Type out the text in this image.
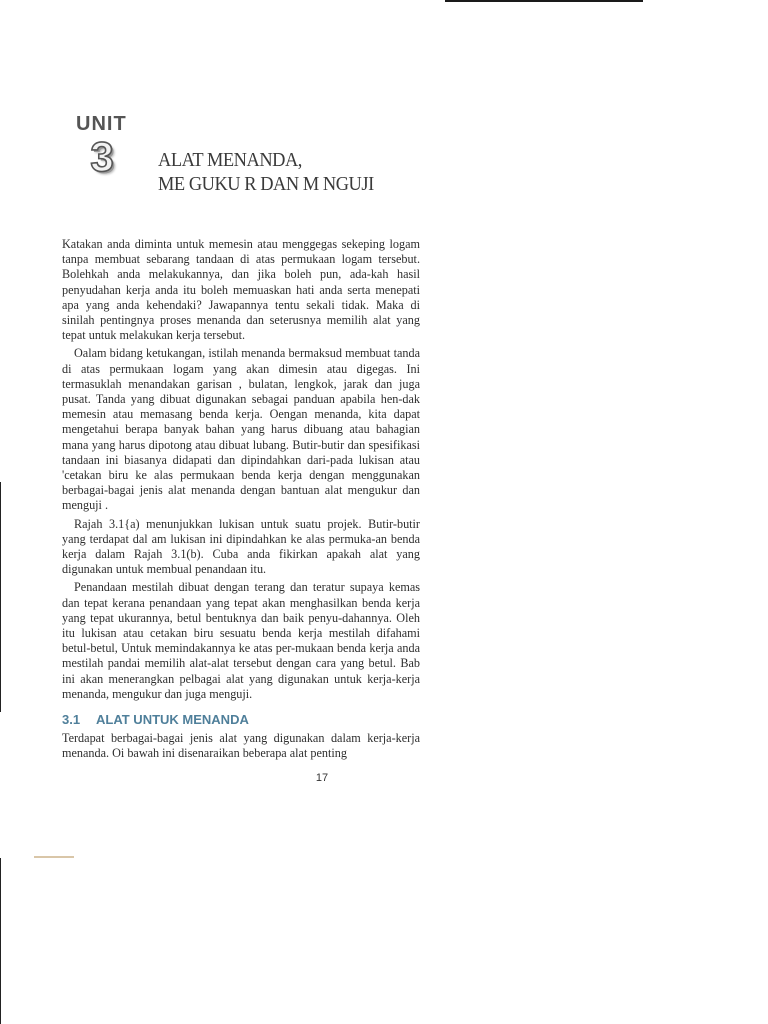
UNIT
3 ALAT MENANDA,
ME GUKU R DAN M NGUJI

Katakan anda diminta untuk memesin atau menggegas sekeping logam tanpa membuat sebarang tandaan di atas permukaan logam tersebut. Bolehkah anda melakukannya, dan jika boleh pun, ada-kah hasil penyudahan kerja anda itu boleh memuaskan hati anda serta menepati apa yang anda kehendaki? Jawapannya tentu sekali tidak. Maka di sinilah pentingnya proses menanda dan seterusnya memilih alat yang tepat untuk melakukan kerja tersebut.

Oalam bidang ketukangan, istilah menanda bermaksud membuat tanda di atas permukaan logam yang akan dimesin atau digegas. Ini termasuklah menandakan garisan , bulatan, lengkok, jarak dan juga pusat. Tanda yang dibuat digunakan sebagai panduan apabila hen-dak memesin atau memasang benda kerja. Oengan menanda, kita dapat mengetahui berapa banyak bahan yang harus dibuang atau bahagian mana yang harus dipotong atau dibuat lubang. Butir-butir dan spesifikasi tandaan ini biasanya didapati dan dipindahkan dari-pada lukisan atau 'cetakan biru ke alas permukaan benda kerja dengan menggunakan berbagai-bagai jenis alat menanda dengan bantuan alat mengukur dan menguji .

Rajah 3.1{a) menunjukkan lukisan untuk suatu projek. Butir-butir yang terdapat dal am lukisan ini dipindahkan ke alas permuka-an benda kerja dalam Rajah 3.1(b). Cuba anda fikirkan apakah alat yang digunakan untuk membual penandaan itu.

Penandaan mestilah dibuat dengan terang dan teratur supaya kemas dan tepat kerana penandaan yang tepat akan menghasilkan benda kerja yang tepat ukurannya, betul bentuknya dan baik penyu-dahannya. Oleh itu lukisan atau cetakan biru sesuatu benda kerja mestilah difahami betul-betul, Untuk memindakannya ke atas per-mukaan benda kerja anda mestilah pandai memilih alat-alat tersebut dengan cara yang betul. Bab ini akan menerangkan pelbagai alat yang digunakan untuk kerja-kerja menanda, mengukur dan juga menguji.

3.1 ALAT UNTUK MENANDA
Terdapat berbagai-bagai jenis alat yang digunakan dalam kerja-kerja menanda. Oi bawah ini disenaraikan beberapa alat penting
17
